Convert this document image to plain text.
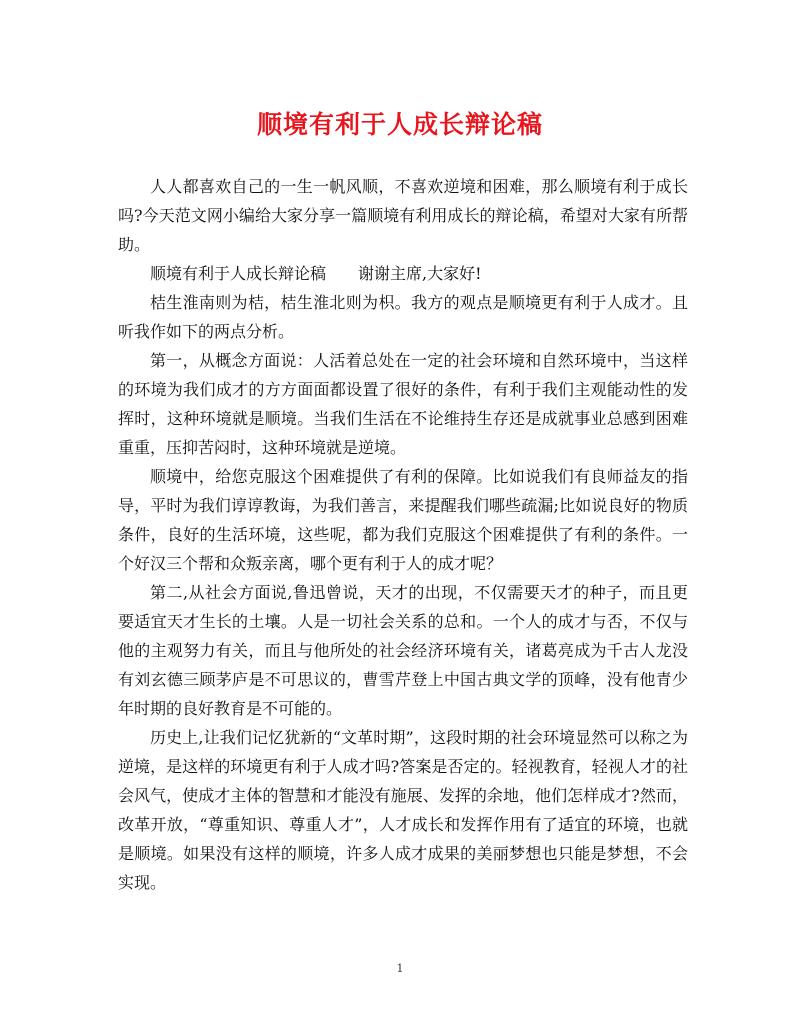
顺境有利于人成长辩论稿

人人都喜欢自己的一生一帆风顺，不喜欢逆境和困难，那么顺境有利于成长吗?今天范文网小编给大家分享一篇顺境有利用成长的辩论稿，希望对大家有所帮助。

顺境有利于人成长辩论稿　　谢谢主席,大家好!

桔生淮南则为桔，桔生淮北则为枳。我方的观点是顺境更有利于人成才。且听我作如下的两点分析。

第一，从概念方面说：人活着总处在一定的社会环境和自然环境中，当这样的环境为我们成才的方方面面都设置了很好的条件，有利于我们主观能动性的发挥时，这种环境就是顺境。当我们生活在不论维持生存还是成就事业总感到困难重重，压抑苦闷时，这种环境就是逆境。

顺境中，给您克服这个困难提供了有利的保障。比如说我们有良师益友的指导，平时为我们谆谆教诲，为我们善言，来提醒我们哪些疏漏;比如说良好的物质条件，良好的生活环境，这些呢，都为我们克服这个困难提供了有利的条件。一个好汉三个帮和众叛亲离，哪个更有利于人的成才呢？

第二,从社会方面说,鲁迅曾说，天才的出现，不仅需要天才的种子，而且更要适宜天才生长的土壤。人是一切社会关系的总和。一个人的成才与否，不仅与他的主观努力有关，而且与他所处的社会经济环境有关，诸葛亮成为千古人龙没有刘玄德三顾茅庐是不可思议的，曹雪芹登上中国古典文学的顶峰，没有他青少年时期的良好教育是不可能的。

历史上,让我们记忆犹新的“文革时期”，这段时期的社会环境显然可以称之为逆境，是这样的环境更有利于人成才吗?答案是否定的。轻视教育，轻视人才的社会风气，使成才主体的智慧和才能没有施展、发挥的余地，他们怎样成才?然而，改革开放，“尊重知识、尊重人才”，人才成长和发挥作用有了适宜的环境，也就是顺境。如果没有这样的顺境，许多人成才成果的美丽梦想也只能是梦想，不会实现。

1
